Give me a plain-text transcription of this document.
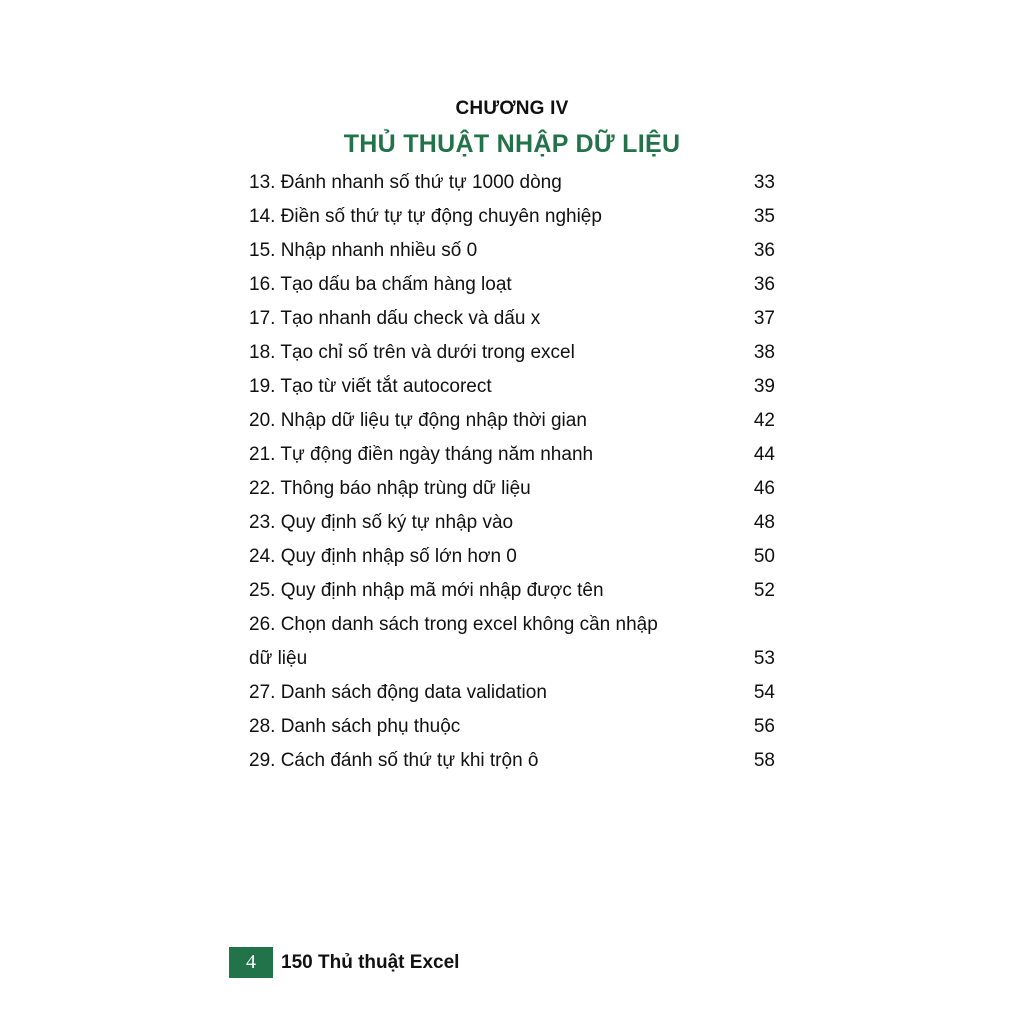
CHƯƠNG IV
THỦ THUẬT NHẬP DỮ LIỆU
13. Đánh nhanh số thứ tự 1000 dòng	33
14. Điền số thứ tự tự động chuyên nghiệp	35
15. Nhập nhanh nhiều số 0	36
16. Tạo dấu ba chấm hàng loạt	36
17. Tạo nhanh dấu check và dấu x	37
18. Tạo chỉ số trên và dưới trong excel	38
19. Tạo từ viết tắt autocorect	39
20. Nhập dữ liệu tự động nhập thời gian	42
21. Tự động điền ngày tháng năm nhanh	44
22. Thông báo nhập trùng dữ liệu	46
23. Quy định số ký tự nhập vào	48
24. Quy định nhập số lớn hơn 0	50
25. Quy định nhập mã mới nhập được tên	52
26. Chọn danh sách trong excel không cần nhập
dữ liệu	53
27. Danh sách động data validation	54
28. Danh sách phụ thuộc	56
29. Cách đánh số thứ tự khi trộn ô	58
4	150 Thủ thuật Excel
